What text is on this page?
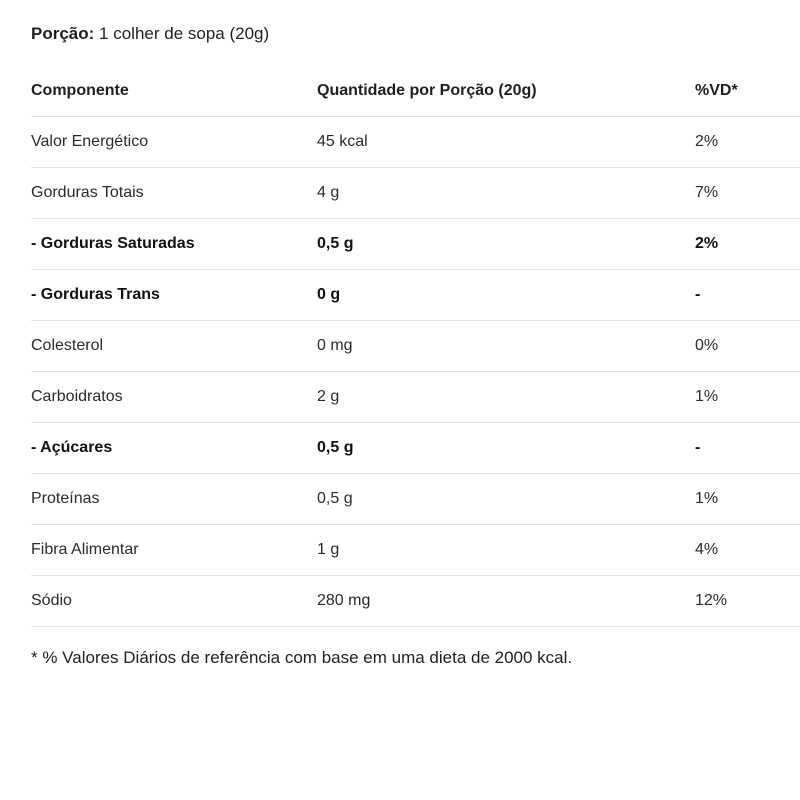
Porção: 1 colher de sopa (20g)
Componente	Quantidade por Porção (20g)	%VD*
Valor Energético	45 kcal	2%
Gorduras Totais	4 g	7%
- Gorduras Saturadas	0,5 g	2%
- Gorduras Trans	0 g	-
Colesterol	0 mg	0%
Carboidratos	2 g	1%
- Açúcares	0,5 g	-
Proteínas	0,5 g	1%
Fibra Alimentar	1 g	4%
Sódio	280 mg	12%
* % Valores Diários de referência com base em uma dieta de 2000 kcal.
